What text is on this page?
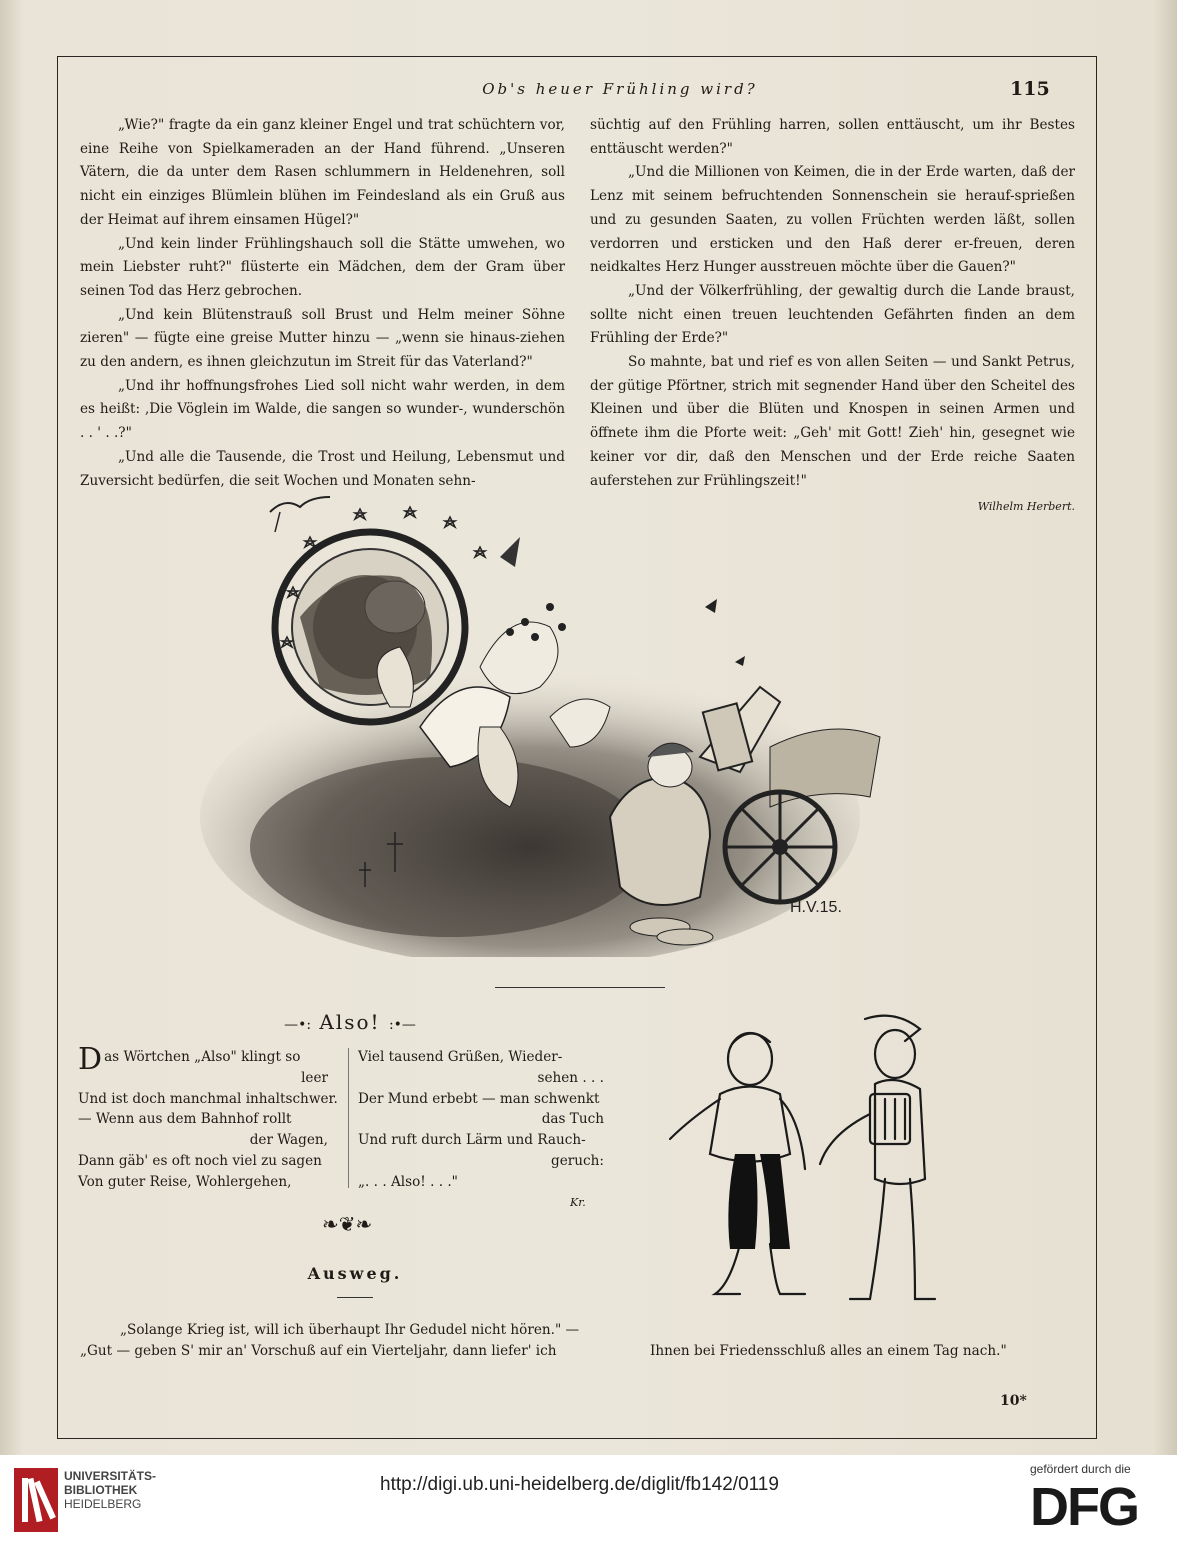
Ob's heuer Frühling wird?	115

„Wie?" fragte da ein ganz kleiner Engel und trat schüchtern vor, eine Reihe von Spielkameraden an der Hand führend. „Unseren Vätern, die da unter dem Rasen schlummern in Heldenehren, soll nicht ein einziges Blümlein blühen im Feindesland als ein Gruß aus der Heimat auf ihrem einsamen Hügel?"

„Und kein linder Frühlingshauch soll die Stätte umwehen, wo mein Liebster ruht?" flüsterte ein Mädchen, dem der Gram über seinen Tod das Herz gebrochen.

„Und kein Blütenstrauß soll Brust und Helm meiner Söhne zieren" — fügte eine greise Mutter hinzu — „wenn sie hinaus-ziehen zu den andern, es ihnen gleichzutun im Streit für das Vaterland?"

„Und ihr hoffnungsfrohes Lied soll nicht wahr werden, in dem es heißt: ‚Die Vöglein im Walde, die sangen so wunder-, wunderschön . . ' . .?"

„Und alle die Tausende, die Trost und Heilung, Lebensmut und Zuversicht bedürfen, die seit Wochen und Monaten sehn-

süchtig auf den Frühling harren, sollen enttäuscht, um ihr Bestes enttäuscht werden?"

„Und die Millionen von Keimen, die in der Erde warten, daß der Lenz mit seinem befruchtenden Sonnenschein sie herauf-sprießen und zu gesunden Saaten, zu vollen Früchten werden läßt, sollen verdorren und ersticken und den Haß derer er-freuen, deren neidkaltes Herz Hunger ausstreuen möchte über die Gauen?"

„Und der Völkerfrühling, der gewaltig durch die Lande braust, sollte nicht einen treuen leuchtenden Gefährten finden an dem Frühling der Erde?"

So mahnte, bat und rief es von allen Seiten — und Sankt Petrus, der gütige Pförtner, strich mit segnender Hand über den Scheitel des Kleinen und über die Blüten und Knospen in seinen Armen und öffnete ihm die Pforte weit: „Geh' mit Gott! Zieh' hin, gesegnet wie keiner vor dir, daß den Menschen und der Erde reiche Saaten auferstehen zur Frühlingszeit!"

Wilhelm Herbert.
H.V.15.
—•: Also! :•—
Das Wörtchen „Also" klingt so
leer
Und ist doch manchmal inhaltschwer.
— Wenn aus dem Bahnhof rollt
der Wagen,
Dann gäb' es oft noch viel zu sagen
Von guter Reise, Wohlergehen,
Viel tausend Grüßen, Wieder-
sehen . . .
Der Mund erbebt — man schwenkt
das Tuch
Und ruft durch Lärm und Rauch-
geruch:
„. . . Also! . . ."
Kr.
❧❦❧
Ausweg.
„Solange Krieg ist, will ich überhaupt Ihr Gedudel nicht hören." —
„Gut — geben S' mir an' Vorschuß auf ein Vierteljahr, dann liefer' ich	Ihnen bei Friedensschluß alles an einem Tag nach."
10*
UNIVERSITÄTS-
BIBLIOTHEK
HEIDELBERG
http://digi.ub.uni-heidelberg.de/diglit/fb142/0119
gefördert durch die
DFG
